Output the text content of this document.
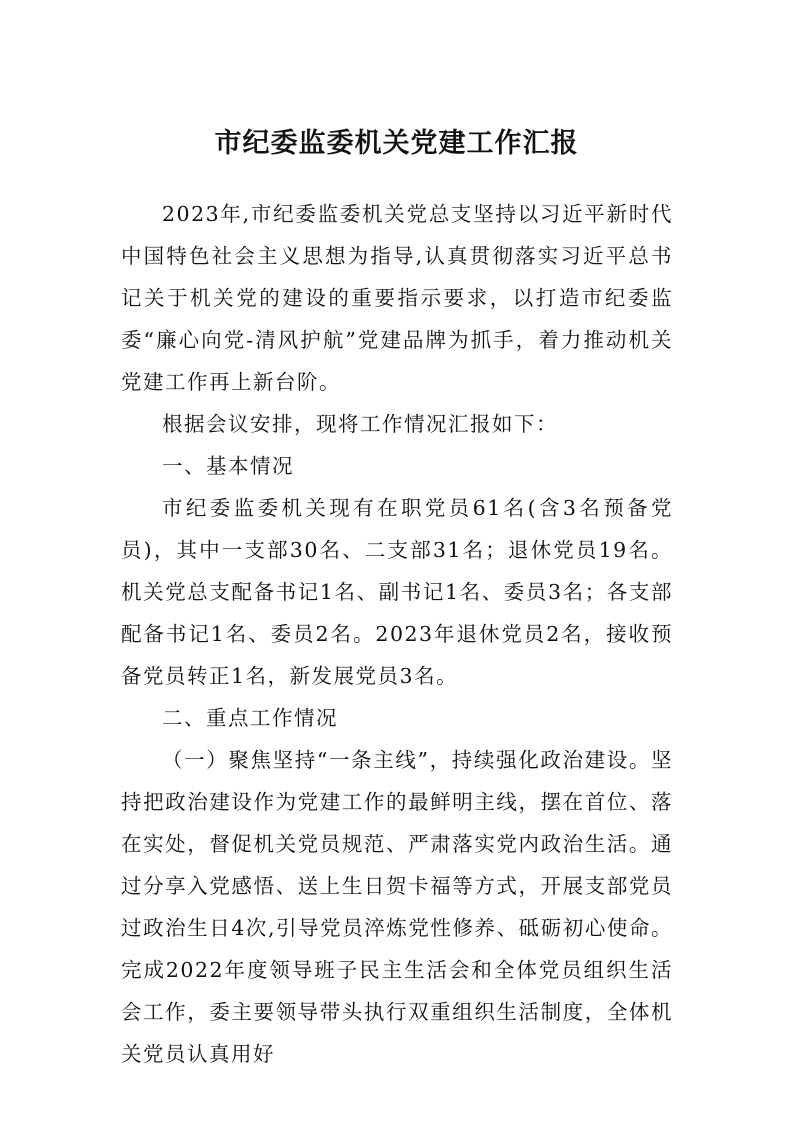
市纪委监委机关党建工作汇报

2023年,市纪委监委机关党总支坚持以习近平新时代中国特色社会主义思想为指导,认真贯彻落实习近平总书记关于机关党的建设的重要指示要求，以打造市纪委监委“廉心向党-清风护航”党建品牌为抓手，着力推动机关党建工作再上新台阶。

根据会议安排，现将工作情况汇报如下：

一、基本情况

市纪委监委机关现有在职党员61名(含3名预备党员)，其中一支部30名、二支部31名；退休党员19名。机关党总支配备书记1名、副书记1名、委员3名；各支部配备书记1名、委员2名。2023年退休党员2名，接收预备党员转正1名，新发展党员3名。

二、重点工作情况

（一）聚焦坚持“一条主线”，持续强化政治建设。坚持把政治建设作为党建工作的最鲜明主线，摆在首位、落在实处，督促机关党员规范、严肃落实党内政治生活。通过分享入党感悟、送上生日贺卡福等方式，开展支部党员过政治生日4次,引导党员淬炼党性修养、砥砺初心使命。完成2022年度领导班子民主生活会和全体党员组织生活会工作，委主要领导带头执行双重组织生活制度，全体机关党员认真用好
